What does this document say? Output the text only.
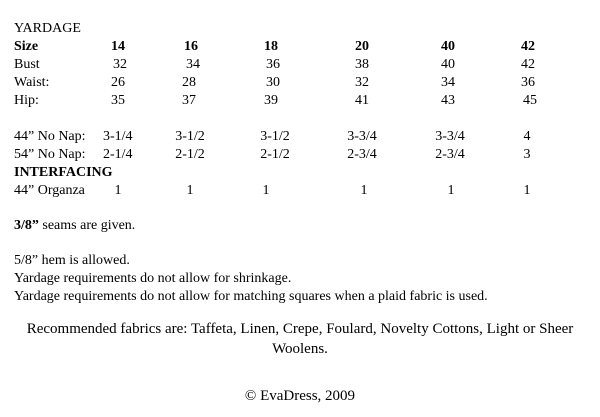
YARDAGE
Size	14	16	18	20	40	42
Bust	32	34	36	38	40	42
Waist:	26	28	30	32	34	36
Hip:	35	37	39	41	43	45
44” No Nap: 3-1/4	3-1/2	3-1/2	3-3/4	3-3/4	4
54” No Nap: 2-1/4	2-1/2	2-1/2	2-3/4	2-3/4	3
INTERFACING
44” Organza 1	1	1	1	1	1
3/8” seams are given.
5/8” hem is allowed.
Yardage requirements do not allow for shrinkage.
Yardage requirements do not allow for matching squares when a plaid fabric is used.
Recommended fabrics are: Taffeta, Linen, Crepe, Foulard, Novelty Cottons, Light or Sheer Woolens.
© EvaDress, 2009
